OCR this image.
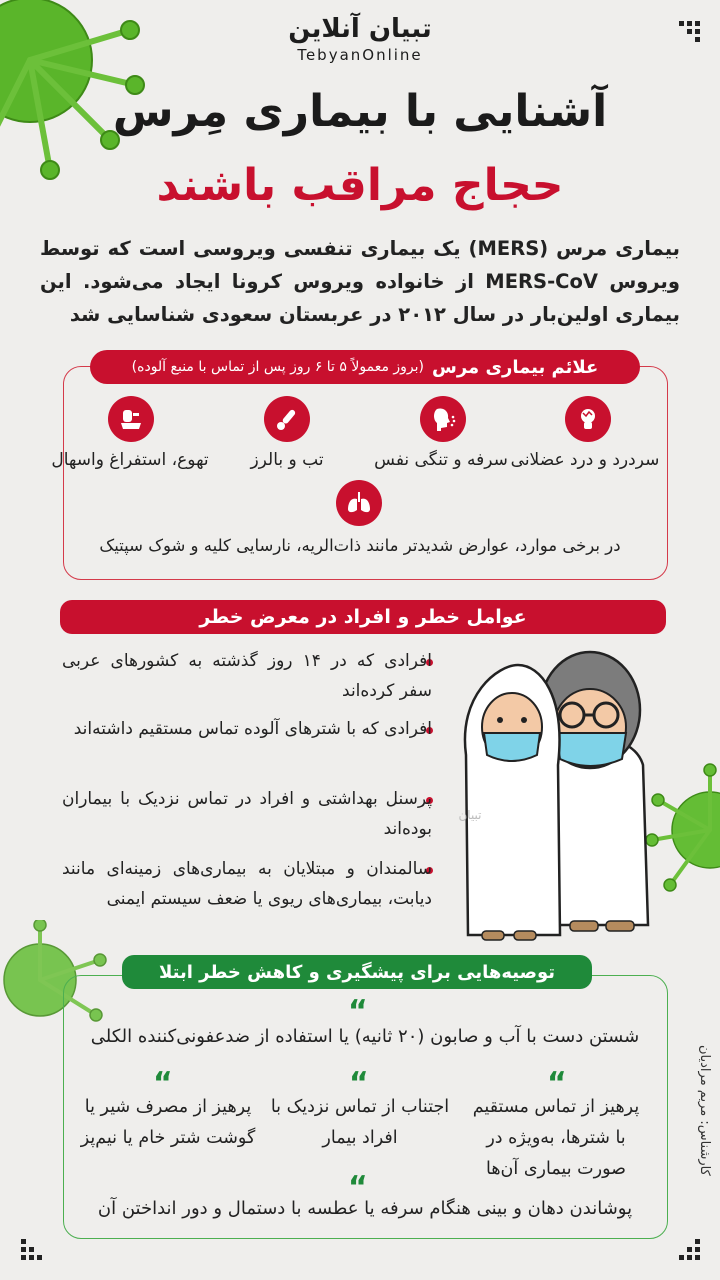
تبیان آنلاین
TebyanOnline
آشنایی با بیماری مِرس
حجاج مراقب باشند
بیماری مرس (MERS) یک بیماری تنفسی ویروسی است که توسط ویروس MERS-CoV از خانواده ویروس کرونا ایجاد می‌شود. این بیماری اولین‌بار در سال ۲۰۱۲ در عربستان سعودی شناسایی شد
علائم بیماری مرس
(بروز معمولاً ۵ تا ۶ روز پس از تماس با منبع آلوده)
سردرد و درد عضلانی
سرفه و تنگی نفس
تب و بالرز
تهوع، استفراغ واسهال
در برخی موارد، عوارض شدیدتر مانند ذات‌الریه، نارسایی کلیه و شوک سپتیک
عوامل خطر و افراد در معرض خطر
تبیان
افرادی که در ۱۴ روز گذشته به کشورهای عربی سفر کرده‌اند
افرادی که با شترهای آلوده تماس مستقیم داشته‌اند
پرسنل بهداشتی و افراد در تماس نزدیک با بیماران بوده‌اند
سالمندان و مبتلایان به بیماری‌های زمینه‌ای مانند دیابت، بیماری‌های ریوی یا ضعف سیستم ایمنی
توصیه‌هایی برای پیشگیری و کاهش خطر ابتلا
“
شستن دست با آب و صابون (۲۰ ثانیه) یا استفاده از ضدعفونی‌کننده الکلی
“
پرهیز از تماس مستقیم با شترها، به‌ویژه در صورت بیماری آن‌ها
“
اجتناب از تماس نزدیک با افراد بیمار
“
پرهیز از مصرف شیر یا گوشت شتر خام یا نیم‌پز
“
پوشاندن دهان و بینی هنگام سرفه یا عطسه با دستمال و دور انداختن آن
کارشناس: مریم مرادیان
